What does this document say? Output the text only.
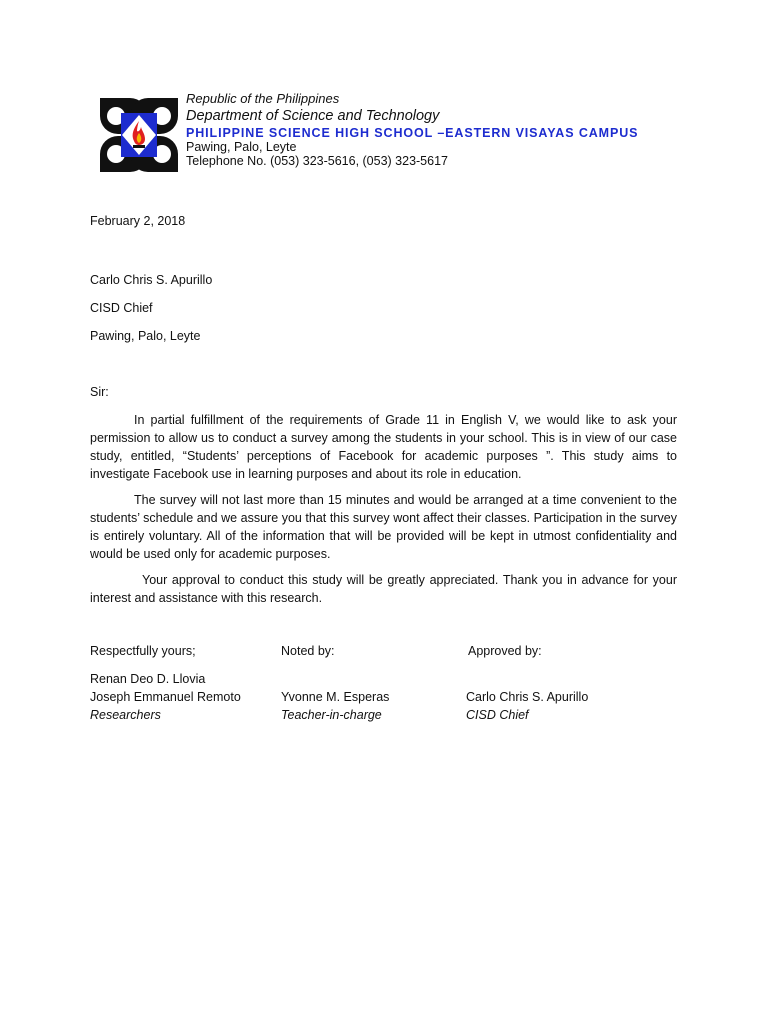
Republic of the Philippines
Department of Science and Technology
PHILIPPINE SCIENCE HIGH SCHOOL –EASTERN VISAYAS CAMPUS
Pawing, Palo, Leyte
Telephone No. (053) 323-5616, (053) 323-5617
February 2, 2018
Carlo Chris S. Apurillo
CISD Chief
Pawing, Palo, Leyte
Sir:
In partial fulfillment of the requirements of Grade 11 in English V, we would like to ask your permission to allow us to conduct a survey among the students in your school. This is in view of our case study, entitled, “Students’ perceptions of Facebook for academic purposes ”. This study aims to investigate Facebook use in learning purposes and about its role in education.
The survey will not last more than 15 minutes and would be arranged at a time convenient to the students’ schedule and we assure you that this survey wont affect their classes. Participation in the survey is entirely voluntary. All of the information that will be provided will be kept in utmost confidentiality and would be used only for academic purposes.
Your approval to conduct this study will be greatly appreciated. Thank you in advance for your interest and assistance with this research.
Respectfully yours;	Noted by:	Approved by:
Renan Deo D. Llovia
Joseph Emmanuel Remoto
Researchers
Yvonne M. Esperas
Teacher-in-charge
Carlo Chris S. Apurillo
CISD Chief
